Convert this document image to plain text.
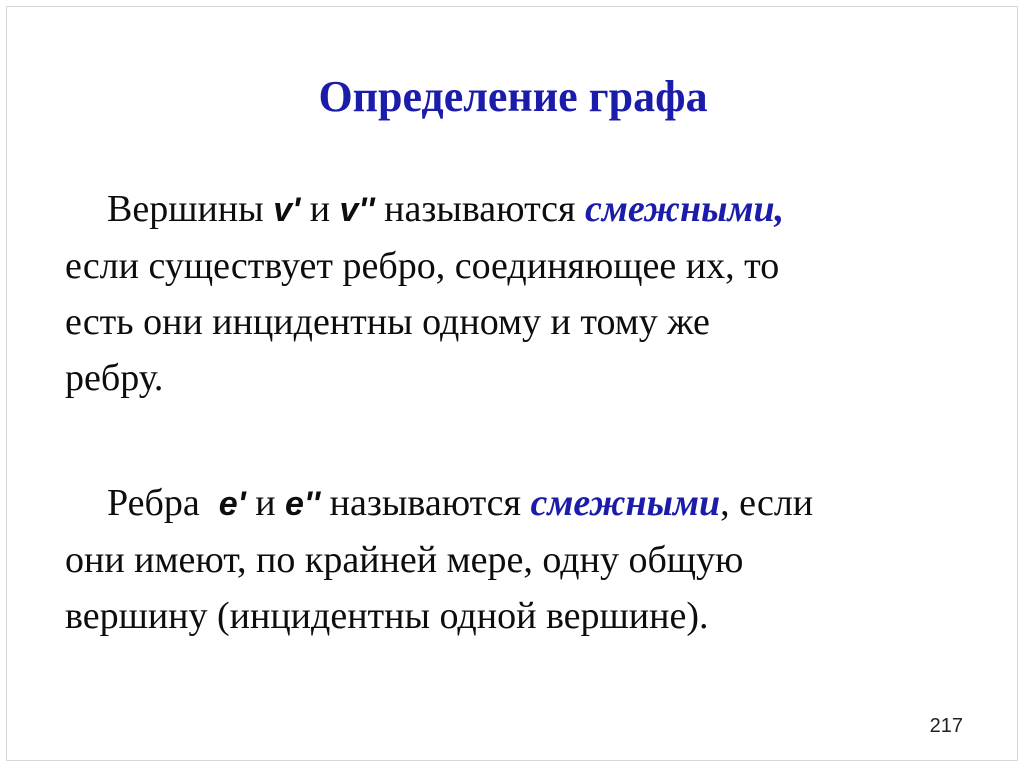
Определение графа
Вершины v' и v'' называются смежными,
если существует ребро, соединяющее их, то
есть они инцидентны одному и тому же
ребру.
Ребра  e' и e'' называются смежными, если
они имеют, по крайней мере, одну общую
вершину (инцидентны одной вершине).
217
